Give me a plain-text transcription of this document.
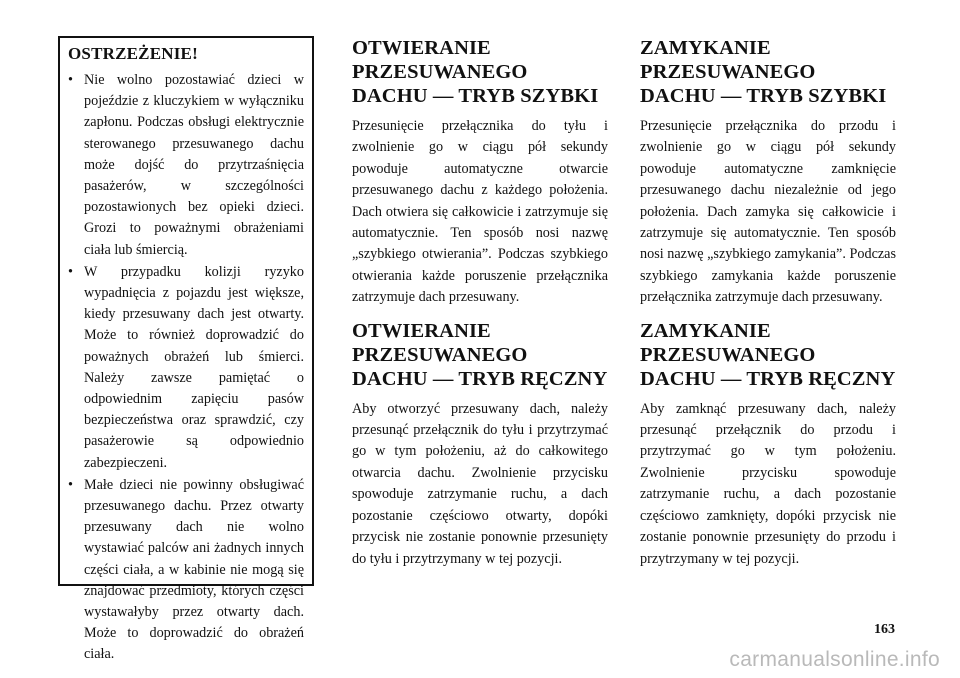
OSTRZEŻENIE!
• Nie wolno pozostawiać dzieci w pojeździe z kluczykiem w wyłączniku zapłonu. Podczas obsługi elektrycznie sterowanego przesuwanego dachu może dojść do przytrzaśnięcia pasażerów, w szczególności pozostawionych bez opieki dzieci. Grozi to poważnymi obrażeniami ciała lub śmiercią.
• W przypadku kolizji ryzyko wypadnięcia z pojazdu jest większe, kiedy przesuwany dach jest otwarty. Może to również doprowadzić do poważnych obrażeń lub śmierci. Należy zawsze pamiętać o odpowiednim zapięciu pasów bezpieczeństwa oraz sprawdzić, czy pasażerowie są odpowiednio zabezpieczeni.
• Małe dzieci nie powinny obsługiwać przesuwanego dachu. Przez otwarty przesuwany dach nie wolno wystawiać palców ani żadnych innych części ciała, a w kabinie nie mogą się znajdować przedmioty, których części wystawałyby przez otwarty dach. Może to doprowadzić do obrażeń ciała.
OTWIERANIE PRZESUWANEGO DACHU — TRYB SZYBKI

Przesunięcie przełącznika do tyłu i zwolnienie go w ciągu pół sekundy powoduje automatyczne otwarcie przesuwanego dachu z każdego położenia. Dach otwiera się całkowicie i zatrzymuje się automatycznie. Ten sposób nosi nazwę „szybkiego otwierania”. Podczas szybkiego otwierania każde poruszenie przełącznika zatrzymuje dach przesuwany.

OTWIERANIE PRZESUWANEGO DACHU — TRYB RĘCZNY

Aby otworzyć przesuwany dach, należy przesunąć przełącznik do tyłu i przytrzymać go w tym położeniu, aż do całkowitego otwarcia dachu. Zwolnienie przycisku spowoduje zatrzymanie ruchu, a dach pozostanie częściowo otwarty, dopóki przycisk nie zostanie ponownie przesunięty do tyłu i przytrzymany w tej pozycji.

ZAMYKANIE PRZESUWANEGO DACHU — TRYB SZYBKI

Przesunięcie przełącznika do przodu i zwolnienie go w ciągu pół sekundy powoduje automatyczne zamknięcie przesuwanego dachu niezależnie od jego położenia. Dach zamyka się całkowicie i zatrzymuje się automatycznie. Ten sposób nosi nazwę „szybkiego zamykania”. Podczas szybkiego zamykania każde poruszenie przełącznika zatrzymuje dach przesuwany.

ZAMYKANIE PRZESUWANEGO DACHU — TRYB RĘCZNY

Aby zamknąć przesuwany dach, należy przesunąć przełącznik do przodu i przytrzymać go w tym położeniu. Zwolnienie przycisku spowoduje zatrzymanie ruchu, a dach pozostanie częściowo zamknięty, dopóki przycisk nie zostanie ponownie przesunięty do przodu i przytrzymany w tej pozycji.

163
carmanualsonline.info
